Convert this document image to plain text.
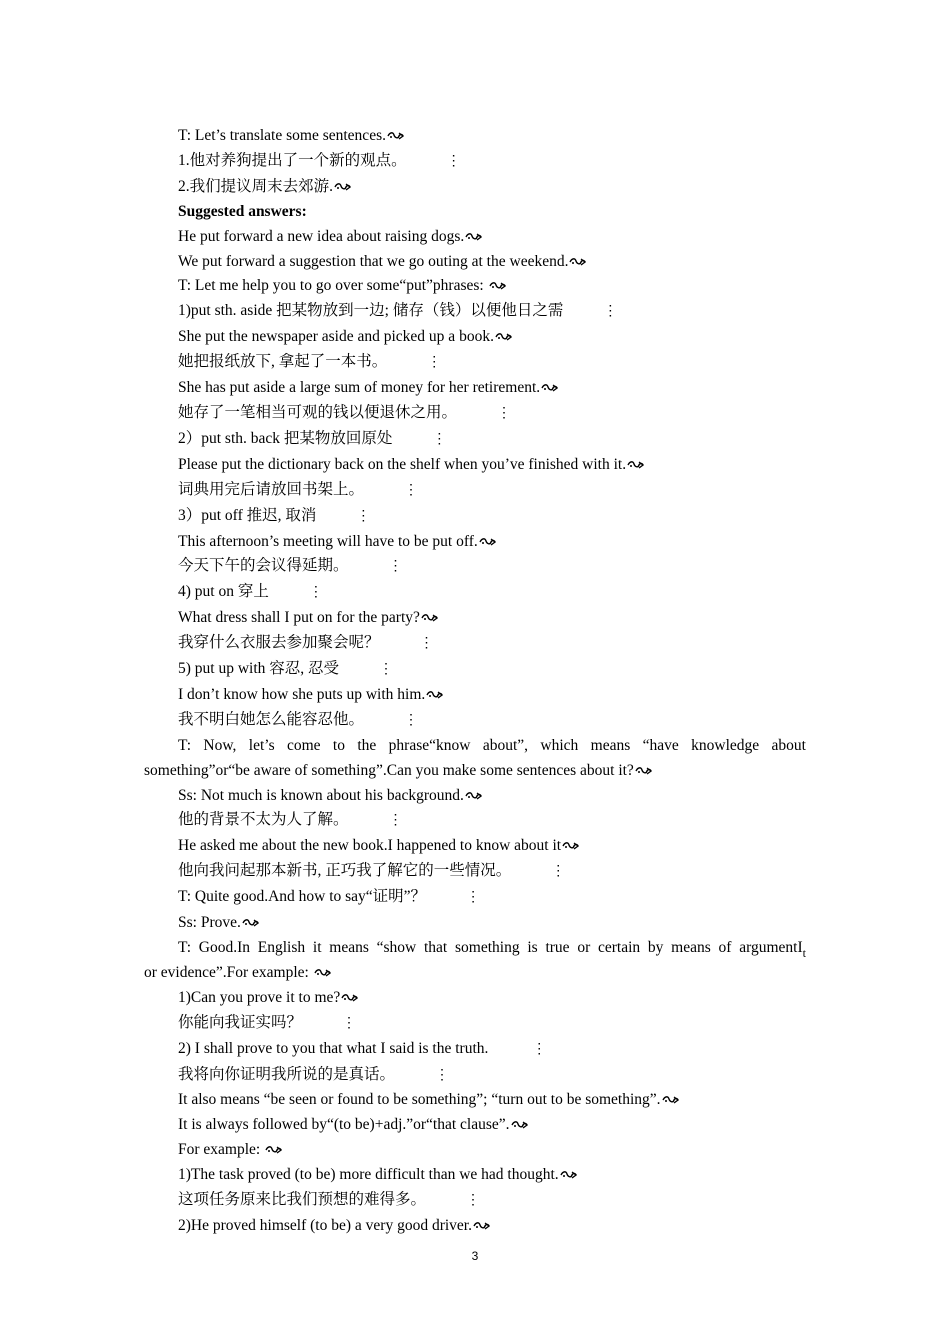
T: Let’s translate some sentences.
1.他对养狗提出了一个新的观点。	⋮
2.我们提议周末去郊游.
Suggested answers:
He put forward a new idea about raising dogs.
We put forward a suggestion that we go outing at the weekend.
T: Let me help you to go over some“put”phrases:
1)put sth. aside 把某物放到一边; 储存（钱）以便他日之需	⋮
She put the newspaper aside and picked up a book.
她把报纸放下, 拿起了一本书。	⋮
She has put aside a large sum of money for her retirement.
她存了一笔相当可观的钱以便退休之用。	⋮
2）put sth. back 把某物放回原处	⋮
Please put the dictionary back on the shelf when you’ve finished with it.
词典用完后请放回书架上。	⋮
3）put off 推迟, 取消	⋮
This afternoon’s meeting will have to be put off.
今天下午的会议得延期。	⋮
4) put on 穿上	⋮
What dress shall I put on for the party?
我穿什么衣服去参加聚会呢？	⋮
5) put up with 容忍, 忍受	⋮
I don’t know how she puts up with him.
我不明白她怎么能容忍他。	⋮
T: Now, let’s come to the phrase“know about”, which means “have knowledge about
something”or“be aware of something”.Can you make some sentences about it?
Ss: Not much is known about his background.
他的背景不太为人了解。	⋮
He asked me about the new book.I happened to know about it
他向我问起那本新书, 正巧我了解它的一些情况。	⋮
T: Quite good.And how to say“证明”？	⋮
Ss: Prove.
T: Good.In English it means “show that something is true or certain by means of argumentI$_t$
or evidence”.For example:
1)Can you prove it to me?
你能向我证实吗？	⋮
2) I shall prove to you that what I said is the truth.	⋮
我将向你证明我所说的是真话。	⋮
It also means “be seen or found to be something”; “turn out to be something”.
It is always followed by“(to be)+adj.”or“that clause”.
For example:
1)The task proved (to be) more difficult than we had thought.
这项任务原来比我们预想的难得多。	⋮
2)He proved himself (to be) a very good driver.
3
